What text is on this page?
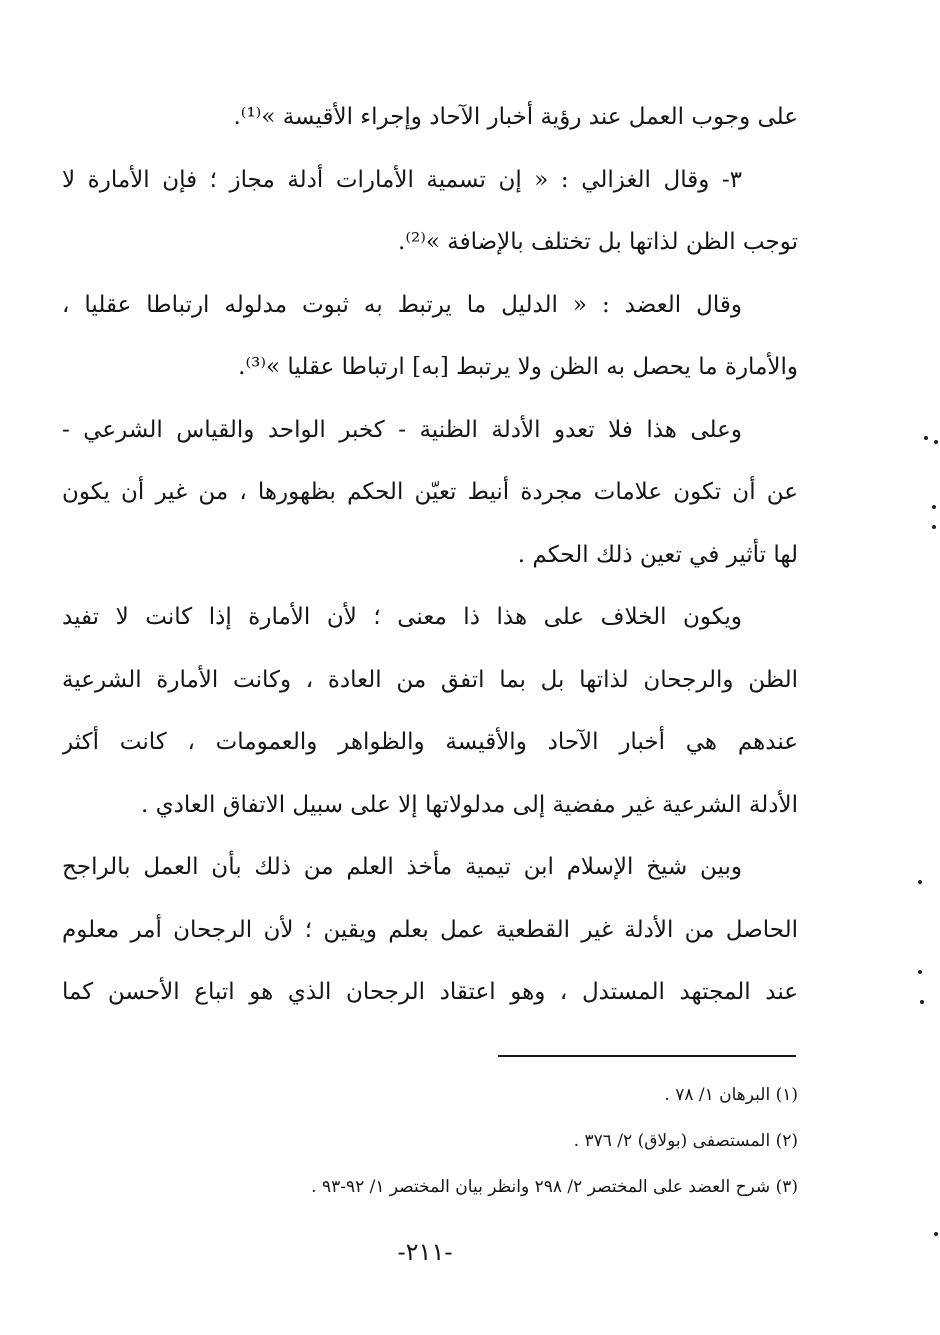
على وجوب العمل عند رؤية أخبار الآحاد وإجراء الأقيسة »⁽¹⁾.
٣- وقال الغزالي : « إن تسمية الأمارات أدلة مجاز ؛ فإن الأمارة لا
توجب الظن لذاتها بل تختلف بالإضافة »⁽²⁾.
وقال العضد : « الدليل ما يرتبط به ثبوت مدلوله ارتباطا عقليا ،
والأمارة ما يحصل به الظن ولا يرتبط [به] ارتباطا عقليا »⁽³⁾.
وعلى هذا فلا تعدو الأدلة الظنية - كخبر الواحد والقياس الشرعي -
عن أن تكون علامات مجردة أنيط تعيّن الحكم بظهورها ، من غير أن يكون
لها تأثير في تعين ذلك الحكم .
ويكون الخلاف على هذا ذا معنى ؛ لأن الأمارة إذا كانت لا تفيد
الظن والرجحان لذاتها بل بما اتفق من العادة ، وكانت الأمارة الشرعية
عندهم هي أخبار الآحاد والأقيسة والظواهر والعمومات ، كانت أكثر
الأدلة الشرعية غير مفضية إلى مدلولاتها إلا على سبيل الاتفاق العادي .
وبين شيخ الإسلام ابن تيمية مأخذ العلم من ذلك بأن العمل بالراجح
الحاصل من الأدلة غير القطعية عمل بعلم ويقين ؛ لأن الرجحان أمر معلوم
عند المجتهد المستدل ، وهو اعتقاد الرجحان الذي هو اتباع الأحسن كما
(١) البرهان ١/ ٧٨ .
(٢) المستصفى (بولاق) ٢/ ٣٧٦ .
(٣) شرح العضد على المختصر ٢/ ٢٩٨ وانظر بيان المختصر ١/ ٩٢-٩٣ .
-٢١١-
